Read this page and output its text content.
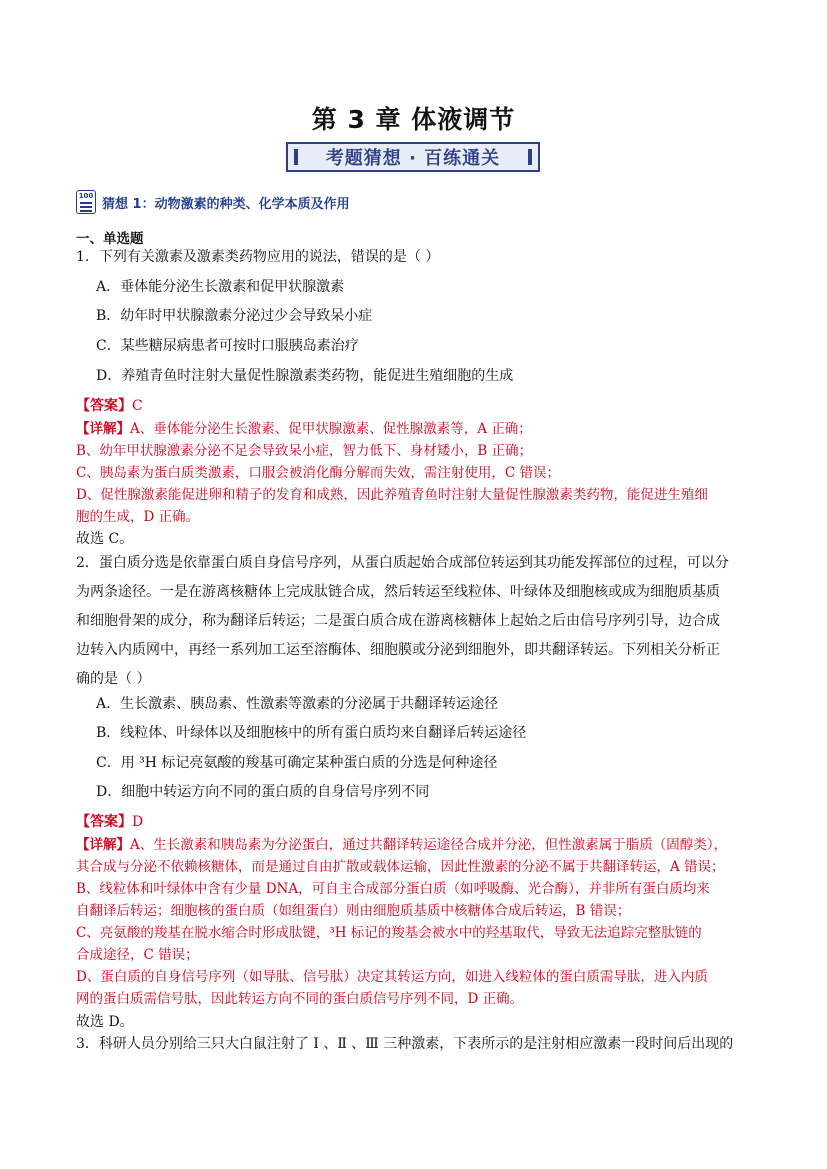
第 3 章 体液调节
考题猜想 · 百练通关
100
猜想 1：动物激素的种类、化学本质及作用
一、单选题
1．下列有关激素及激素类药物应用的说法，错误的是（ ）
A．垂体能分泌生长激素和促甲状腺激素
B．幼年时甲状腺激素分泌过少会导致呆小症
C．某些糖尿病患者可按时口服胰岛素治疗
D．养殖青鱼时注射大量促性腺激素类药物，能促进生殖细胞的生成
【答案】C
【详解】A、垂体能分泌生长激素、促甲状腺激素、促性腺激素等，A 正确；
B、幼年甲状腺激素分泌不足会导致呆小症，智力低下、身材矮小，B 正确；
C、胰岛素为蛋白质类激素，口服会被消化酶分解而失效，需注射使用，C 错误；
D、促性腺激素能促进卵和精子的发育和成熟，因此养殖青鱼时注射大量促性腺激素类药物，能促进生殖细
胞的生成，D 正确。
故选 C。
2．蛋白质分选是依靠蛋白质自身信号序列，从蛋白质起始合成部位转运到其功能发挥部位的过程，可以分
为两条途径。一是在游离核糖体上完成肽链合成，然后转运至线粒体、叶绿体及细胞核或成为细胞质基质
和细胞骨架的成分，称为翻译后转运；二是蛋白质合成在游离核糖体上起始之后由信号序列引导，边合成
边转入内质网中，再经一系列加工运至溶酶体、细胞膜或分泌到细胞外，即共翻译转运。下列相关分析正
确的是（ ）
A．生长激素、胰岛素、性激素等激素的分泌属于共翻译转运途径
B．线粒体、叶绿体以及细胞核中的所有蛋白质均来自翻译后转运途径
C．用 ³H 标记亮氨酸的羧基可确定某种蛋白质的分选是何种途径
D．细胞中转运方向不同的蛋白质的自身信号序列不同
【答案】D
【详解】A、生长激素和胰岛素为分泌蛋白，通过共翻译转运途径合成并分泌，但性激素属于脂质（固醇类），
其合成与分泌不依赖核糖体，而是通过自由扩散或载体运输，因此性激素的分泌不属于共翻译转运，A 错误；
B、线粒体和叶绿体中含有少量 DNA，可自主合成部分蛋白质（如呼吸酶、光合酶），并非所有蛋白质均来
自翻译后转运；细胞核的蛋白质（如组蛋白）则由细胞质基质中核糖体合成后转运，B 错误；
C、亮氨酸的羧基在脱水缩合时形成肽键，³H 标记的羧基会被水中的羟基取代，导致无法追踪完整肽链的
合成途径，C 错误；
D、蛋白质的自身信号序列（如导肽、信号肽）决定其转运方向，如进入线粒体的蛋白质需导肽，进入内质
网的蛋白质需信号肽，因此转运方向不同的蛋白质信号序列不同，D 正确。
故选 D。
3．科研人员分别给三只大白鼠注射了 Ⅰ 、Ⅱ 、Ⅲ 三种激素，下表所示的是注射相应激素一段时间后出现的
